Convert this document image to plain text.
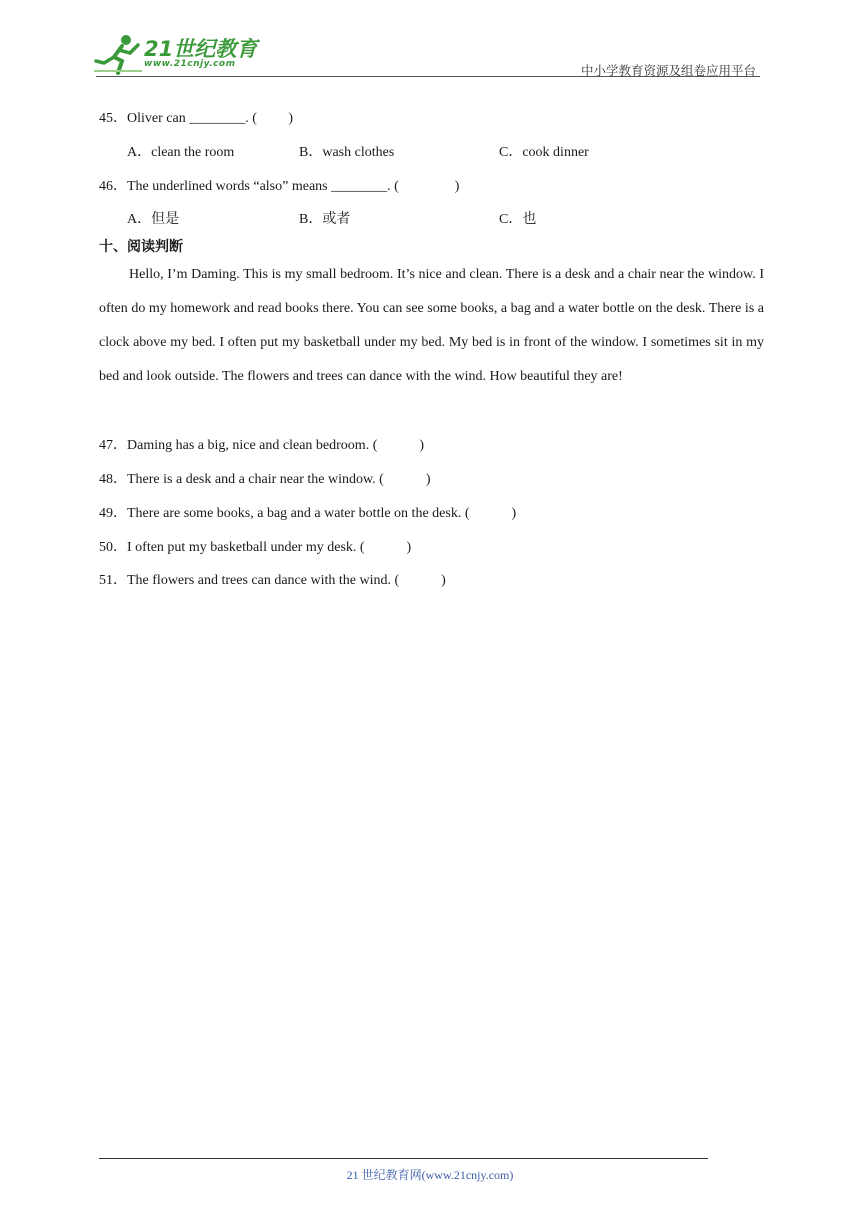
21世纪教育
www.21cnjy.com	中小学教育资源及组卷应用平台
45．Oliver can ________. (　　 )
A．clean the room	B．wash clothes	C．cook dinner
46．The underlined words “also” means ________. (　　　　)
A．但是	B．或者	C．也
十、阅读判断
Hello, I’m Daming. This is my small bedroom. It’s nice and clean. There is a desk and a chair near the window. I often do my homework and read books there. You can see some books, a bag and a water bottle on the desk. There is a clock above my bed. I often put my basketball under my bed. My bed is in front of the window. I sometimes sit in my bed and look outside. The flowers and trees can dance with the wind. How beautiful they are!
47．Daming has a big, nice and clean bedroom. (　　　)
48．There is a desk and a chair near the window. (　　　)
49．There are some books, a bag and a water bottle on the desk. (　　　)
50．I often put my basketball under my desk. (　　　)
51．The flowers and trees can dance with the wind. (　　　)
21 世纪教育网(www.21cnjy.com)
